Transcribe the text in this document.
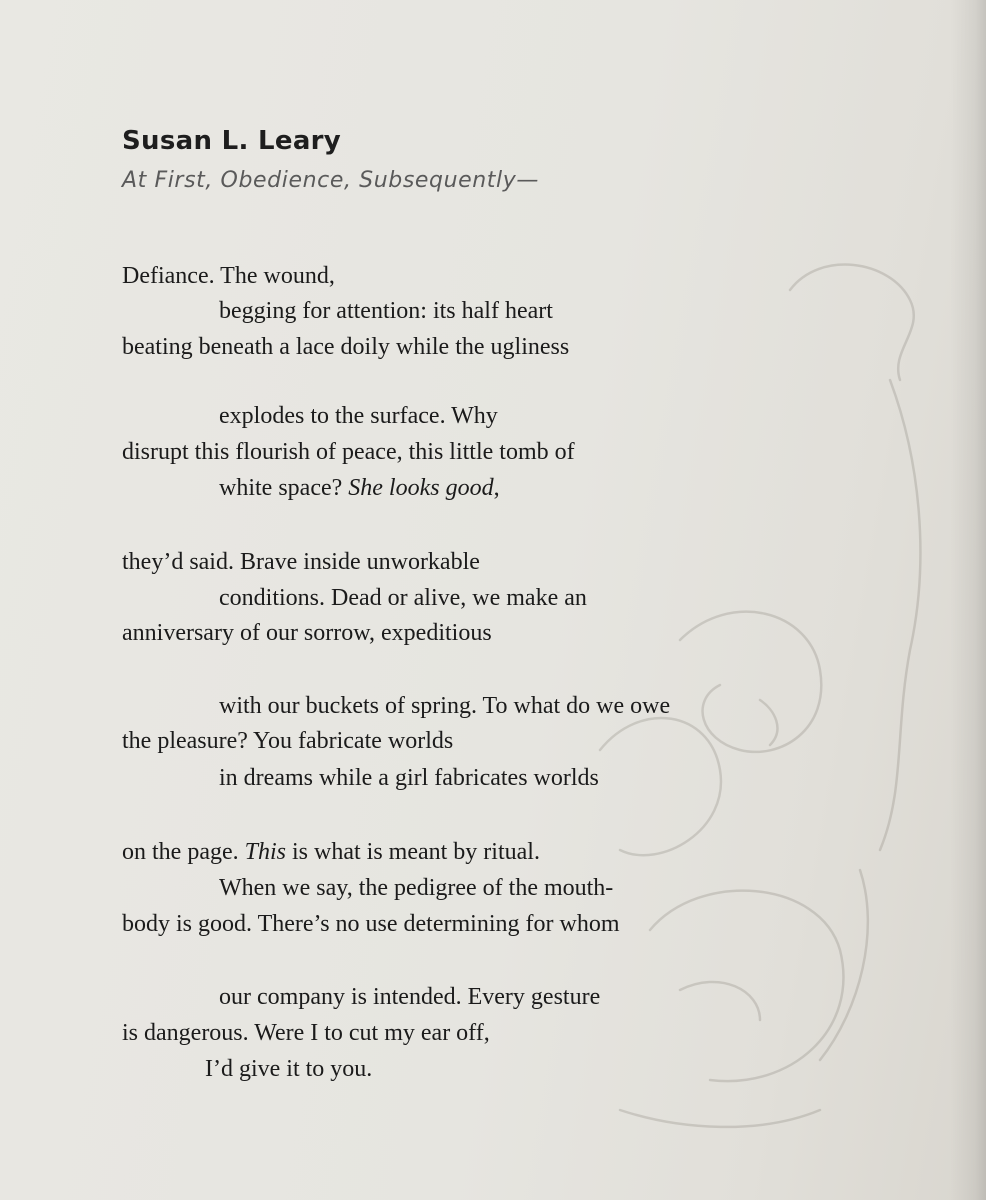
Susan L. Leary
At First, Obedience, Subsequently—
Defiance. The wound,
begging for attention: its half heart
beating beneath a lace doily while the ugliness
explodes to the surface. Why
disrupt this flourish of peace, this little tomb of
white space? She looks good,
they’d said. Brave inside unworkable
conditions. Dead or alive, we make an
anniversary of our sorrow, expeditious
with our buckets of spring. To what do we owe
the pleasure? You fabricate worlds
in dreams while a girl fabricates worlds
on the page. This is what is meant by ritual.
When we say, the pedigree of the mouth-
body is good. There’s no use determining for whom
our company is intended. Every gesture
is dangerous. Were I to cut my ear off,
I’d give it to you.
